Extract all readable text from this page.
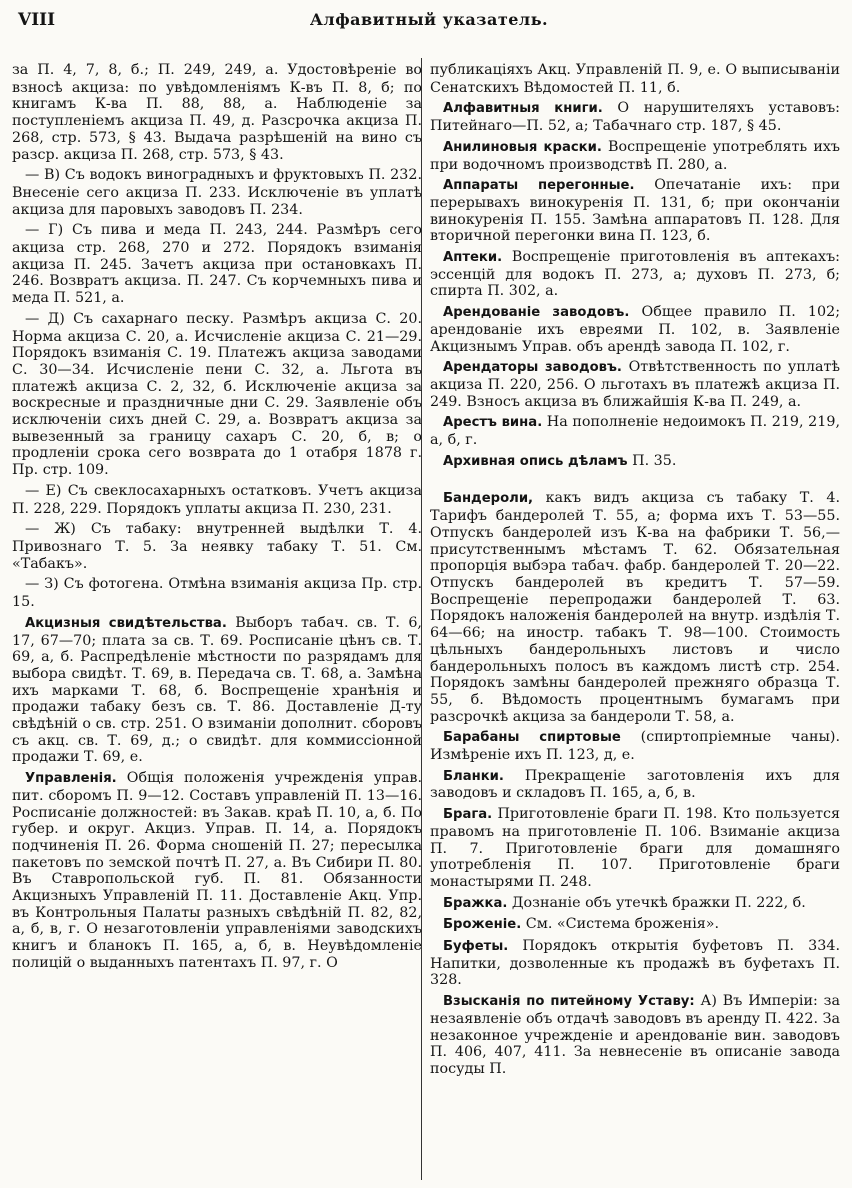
VIII	Алфавитный указатель.

за П. 4, 7, 8, б.; П. 249, 249, а. Удостовѣреніе во взносѣ акциза: по увѣдомленіямъ К-въ П. 8, б; по книгамъ К-ва П. 88, 88, а. Наблюденіе за поступленіемъ акциза П. 49, д. Разсрочка акциза П. 268, стр. 573, § 43. Выдача разрѣшеній на вино съ разср. акциза П. 268, стр. 573, § 43.

— В) Съ водокъ виноградныхъ и фруктовыхъ П. 232. Внесеніе сего акциза П. 233. Исключеніе въ уплатѣ акциза для паровыхъ заводовъ П. 234.

— Г) Съ пива и меда П. 243, 244. Размѣръ сего акциза стр. 268, 270 и 272. Порядокъ взиманія акциза П. 245. Зачетъ акциза при остановкахъ П. 246. Возвратъ акциза. П. 247. Съ корчемныхъ пива и меда П. 521, а.

— Д) Съ сахарнаго песку. Размѣръ акциза С. 20. Норма акциза С. 20, а. Исчисленіе акциза С. 21—29. Порядокъ взиманія С. 19. Платежъ акциза заводами С. 30—34. Исчисленіе пени С. 32, а. Льгота въ платежѣ акциза С. 2, 32, б. Исключеніе акциза за воскресные и праздничные дни С. 29. Заявленіе объ исключеніи сихъ дней С. 29, а. Возвратъ акциза за вывезенный за границу сахаръ С. 20, б, в; о продленіи срока сего возврата до 1 отабря 1878 г. Пр. стр. 109.

— Е) Съ свеклосахарныхъ остатковъ. Учетъ акциза П. 228, 229. Порядокъ уплаты акциза П. 230, 231.

— Ж) Съ табаку: внутренней выдѣлки Т. 4. Привознаго Т. 5. За неявку табаку Т. 51. См. «Табакъ».

— З) Съ фотогена. Отмѣна взиманія акциза Пр. стр. 15.

Акцизныя свидѣтельства. Выборъ табач. св. Т. 6, 17, 67—70; плата за св. Т. 69. Росписаніе цѣнъ св. Т. 69, а, б. Распредѣленіе мѣстности по разрядамъ для выбора свидѣт. Т. 69, в. Передача св. Т. 68, а. Замѣна ихъ марками Т. 68, б. Воспрещеніе хранѣнія и продажи табаку безъ св. Т. 86. Доставленіе Д-ту свѣдѣній о св. стр. 251. О взиманіи дополнит. сборовъ съ акц. св. Т. 69, д.; о свидѣт. для коммиссіонной продажи Т. 69, е.

Управленія. Общія положенія учрежденія управ. пит. сборомъ П. 9—12. Составъ управленій П. 13—16. Росписаніе должностей: въ Закав. краѣ П. 10, а, б. По губер. и округ. Акциз. Управ. П. 14, а. Порядокъ подчиненія П. 26. Форма сношеній П. 27; пересылка пакетовъ по земской почтѣ П. 27, а. Въ Сибири П. 80. Въ Ставропольской губ. П. 81. Обязанности Акцизныхъ Управленій П. 11. Доставленіе Акц. Упр. въ Контрольныя Палаты разныхъ свѣдѣній П. 82, 82, а, б, в, г. О незаготовленіи управленіями заводскихъ книгъ и бланокъ П. 165, а, б, в. Неувѣдомленіе полицій о выданныхъ патентахъ П. 97, г. О

публикаціяхъ Акц. Управленій П. 9, е. О выписываніи Сенатскихъ Вѣдомостей П. 11, б.

Алфавитныя книги. О нарушителяхъ уставовъ: Питейнаго—П. 52, а; Табачнаго стр. 187, § 45.

Анилиновыя краски. Воспрещеніе употреблять ихъ при водочномъ производствѣ П. 280, а.

Аппараты перегонные. Опечатаніе ихъ: при перерывахъ винокуренія П. 131, б; при окончаніи винокуренія П. 155. Замѣна аппаратовъ П. 128. Для вторичной перегонки вина П. 123, б.

Аптеки. Воспрещеніе приготовленія въ аптекахъ: эссенцій для водокъ П. 273, а; духовъ П. 273, б; спирта П. 302, а.

Арендованіе заводовъ. Общее правило П. 102; арендованіе ихъ евреями П. 102, в. Заявленіе Акцизнымъ Управ. объ арендѣ завода П. 102, г.

Арендаторы заводовъ. Отвѣтственность по уплатѣ акциза П. 220, 256. О льготахъ въ платежѣ акциза П. 249. Взносъ акциза въ ближайшія К-ва П. 249, а.

Арестъ вина. На пополненіе недоимокъ П. 219, 219, а, б, г.

Архивная опись дѣламъ П. 35.

Бандероли, какъ видъ акциза съ табаку Т. 4. Тарифъ бандеролей Т. 55, а; форма ихъ Т. 53—55. Отпускъ бандеролей изъ К-ва на фабрики Т. 56,—присутственнымъ мѣстамъ Т. 62. Обязательная пропорція выбэра табач. фабр. бандеролей Т. 20—22. Отпускъ бандеролей въ кредитъ Т. 57—59. Воспрещеніе перепродажи бандеролей Т. 63. Порядокъ наложенія бандеролей на внутр. издѣлія Т. 64—66; на иностр. табакъ Т. 98—100. Стоимость цѣльныхъ бандерольныхъ листовъ и число бандерольныхъ полосъ въ каждомъ листѣ стр. 254. Порядокъ замѣны бандеролей прежняго образца Т. 55, б. Вѣдомость процентнымъ бумагамъ при разсрочкѣ акциза за бандероли Т. 58, а.

Барабаны спиртовые (спиртопріемные чаны). Измѣреніе ихъ П. 123, д, е.

Бланки. Прекращеніе заготовленія ихъ для заводовъ и складовъ П. 165, а, б, в.

Брага. Приготовленіе браги П. 198. Кто пользуется правомъ на приготовленіе П. 106. Взиманіе акциза П. 7. Приготовленіе браги для домашняго употребленія П. 107. Приготовленіе браги монастырями П. 248.

Бражка. Дознаніе объ утечкѣ бражки П. 222, б.

Броженіе. См. «Система броженія».

Буфеты. Порядокъ открытія буфетовъ П. 334. Напитки, дозволенные къ продажѣ въ буфетахъ П. 328.

Взысканія по питейному Уставу: А) Въ Имперіи: за незаявленіе объ отдачѣ заводовъ въ аренду П. 422. За незаконное учрежденіе и арендованіе вин. заводовъ П. 406, 407, 411. За невнесеніе въ описаніе завода посуды П.
